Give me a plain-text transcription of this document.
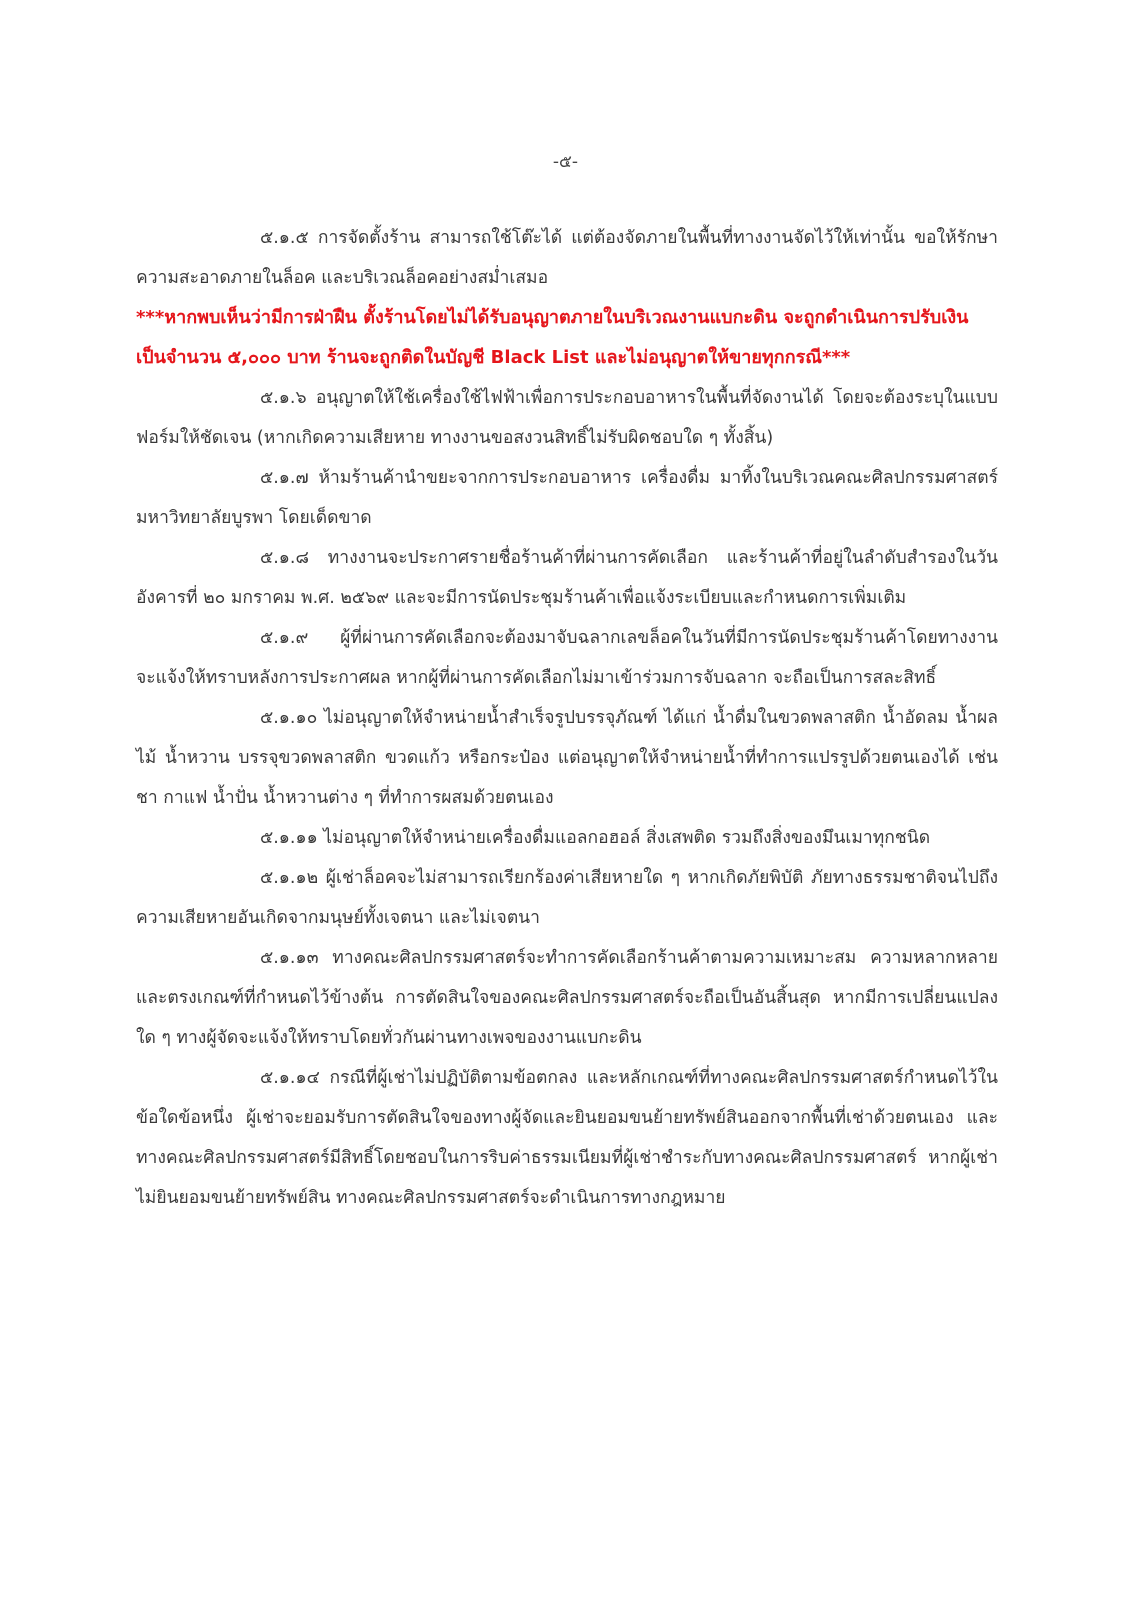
-๕-

๕.๑.๕ การจัดตั้งร้าน สามารถใช้โต๊ะได้ แต่ต้องจัดภายในพื้นที่ทางงานจัดไว้ให้เท่านั้น ขอให้รักษาความสะอาดภายในล็อค และบริเวณล็อคอย่างสม่ำเสมอ

***หากพบเห็นว่ามีการฝ่าฝืน ตั้งร้านโดยไม่ได้รับอนุญาตภายในบริเวณงานแบกะดิน จะถูกดำเนินการปรับเงินเป็นจำนวน ๕,๐๐๐ บาท ร้านจะถูกติดในบัญชี Black List และไม่อนุญาตให้ขายทุกกรณี***

๕.๑.๖ อนุญาตให้ใช้เครื่องใช้ไฟฟ้าเพื่อการประกอบอาหารในพื้นที่จัดงานได้ โดยจะต้องระบุในแบบฟอร์มให้ชัดเจน (หากเกิดความเสียหาย ทางงานขอสงวนสิทธิ์ไม่รับผิดชอบใด ๆ ทั้งสิ้น)

๕.๑.๗ ห้ามร้านค้านำขยะจากการประกอบอาหาร เครื่องดื่ม มาทิ้งในบริเวณคณะศิลปกรรมศาสตร์ มหาวิทยาลัยบูรพา โดยเด็ดขาด

๕.๑.๘ ทางงานจะประกาศรายชื่อร้านค้าที่ผ่านการคัดเลือก และร้านค้าที่อยู่ในลำดับสำรองในวันอังคารที่ ๒๐ มกราคม พ.ศ. ๒๕๖๙ และจะมีการนัดประชุมร้านค้าเพื่อแจ้งระเบียบและกำหนดการเพิ่มเติม

๕.๑.๙ ผู้ที่ผ่านการคัดเลือกจะต้องมาจับฉลากเลขล็อคในวันที่มีการนัดประชุมร้านค้าโดยทางงานจะแจ้งให้ทราบหลังการประกาศผล หากผู้ที่ผ่านการคัดเลือกไม่มาเข้าร่วมการจับฉลาก จะถือเป็นการสละสิทธิ์

๕.๑.๑๐ ไม่อนุญาตให้จำหน่ายน้ำสำเร็จรูปบรรจุภัณฑ์ ได้แก่ น้ำดื่มในขวดพลาสติก น้ำอัดลม น้ำผลไม้ น้ำหวาน บรรจุขวดพลาสติก ขวดแก้ว หรือกระป๋อง แต่อนุญาตให้จำหน่ายน้ำที่ทำการแปรรูปด้วยตนเองได้ เช่น ชา กาแฟ น้ำปั่น น้ำหวานต่าง ๆ ที่ทำการผสมด้วยตนเอง

๕.๑.๑๑ ไม่อนุญาตให้จำหน่ายเครื่องดื่มแอลกอฮอล์ สิ่งเสพติด รวมถึงสิ่งของมึนเมาทุกชนิด

๕.๑.๑๒ ผู้เช่าล็อคจะไม่สามารถเรียกร้องค่าเสียหายใด ๆ หากเกิดภัยพิบัติ ภัยทางธรรมชาติจนไปถึงความเสียหายอันเกิดจากมนุษย์ทั้งเจตนา และไม่เจตนา

๕.๑.๑๓ ทางคณะศิลปกรรมศาสตร์จะทำการคัดเลือกร้านค้าตามความเหมาะสม ความหลากหลาย และตรงเกณฑ์ที่กำหนดไว้ข้างต้น การตัดสินใจของคณะศิลปกรรมศาสตร์จะถือเป็นอันสิ้นสุด หากมีการเปลี่ยนแปลงใด ๆ ทางผู้จัดจะแจ้งให้ทราบโดยทั่วกันผ่านทางเพจของงานแบกะดิน

๕.๑.๑๔ กรณีที่ผู้เช่าไม่ปฏิบัติตามข้อตกลง และหลักเกณฑ์ที่ทางคณะศิลปกรรมศาสตร์กำหนดไว้ในข้อใดข้อหนึ่ง ผู้เช่าจะยอมรับการตัดสินใจของทางผู้จัดและยินยอมขนย้ายทรัพย์สินออกจากพื้นที่เช่าด้วยตนเอง และทางคณะศิลปกรรมศาสตร์มีสิทธิ์โดยชอบในการริบค่าธรรมเนียมที่ผู้เช่าชำระกับทางคณะศิลปกรรมศาสตร์ หากผู้เช่าไม่ยินยอมขนย้ายทรัพย์สิน ทางคณะศิลปกรรมศาสตร์จะดำเนินการทางกฎหมาย
